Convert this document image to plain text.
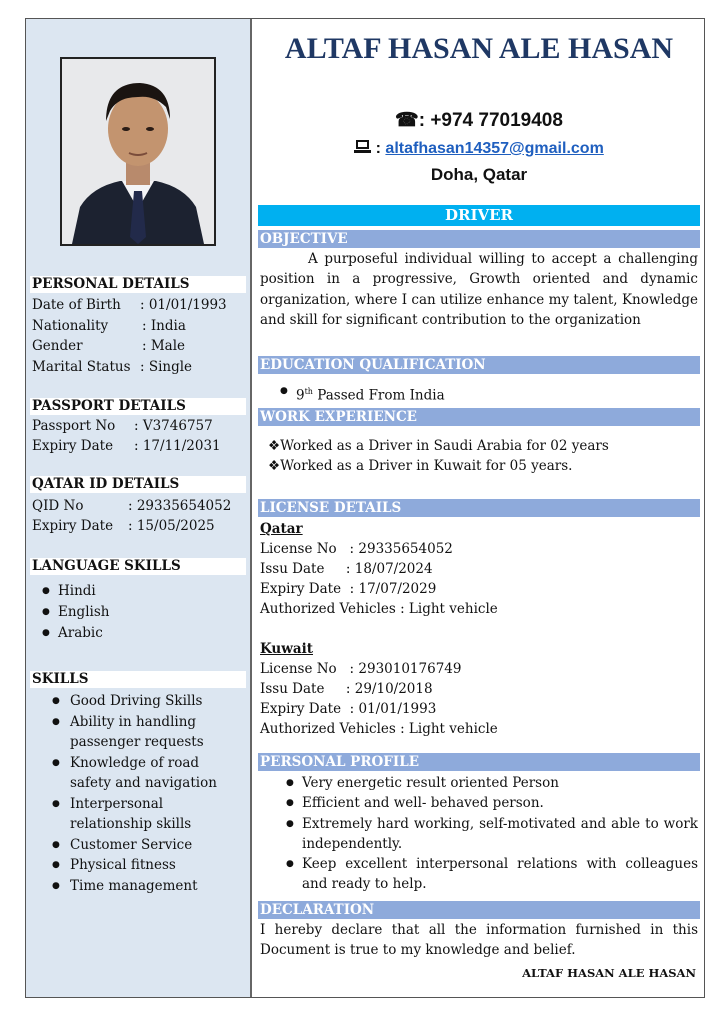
PERSONAL DETAILS
Date of Birth : 01/01/1993
Nationality	: India
Gender	: Male
Marital Status : Single
PASSPORT DETAILS
Passport No : V3746757
Expiry Date : 17/11/2031
QATAR ID DETAILS
QID No	: 29335654052
Expiry Date : 15/05/2025
LANGUAGE SKILLS
● Hindi
● English
● Arabic
SKILLS
● Good Driving Skills
● Ability in handling passenger requests
● Knowledge of road safety and navigation
● Interpersonal relationship skills
● Customer Service
● Physical fitness
● Time management
ALTAF HASAN ALE HASAN
☎: +974 77019408
: altafhasan14357@gmail.com
Doha, Qatar
DRIVER
OBJECTIVE
A purposeful individual willing to accept a challenging position in a progressive, Growth oriented and dynamic organization, where I can utilize enhance my talent, Knowledge and skill for significant contribution to the organization
EDUCATION QUALIFICATION
● 9th Passed From India
WORK EXPERIENCE
❖Worked as a Driver in Saudi Arabia for 02 years
❖Worked as a Driver in Kuwait for 05 years.
LICENSE DETAILS
Qatar
License No   : 29335654052
Issu Date     : 18/07/2024
Expiry Date  : 17/07/2029
Authorized Vehicles : Light vehicle
Kuwait
License No   : 293010176749
Issu Date     : 29/10/2018
Expiry Date  : 01/01/1993
Authorized Vehicles : Light vehicle
PERSONAL PROFILE
● Very energetic result oriented Person
● Efficient and well- behaved person.
● Extremely hard working, self-motivated and able to work independently.
● Keep excellent interpersonal relations with colleagues and ready to help.
DECLARATION
I hereby declare that all the information furnished in this Document is true to my knowledge and belief.
ALTAF HASAN ALE HASAN
